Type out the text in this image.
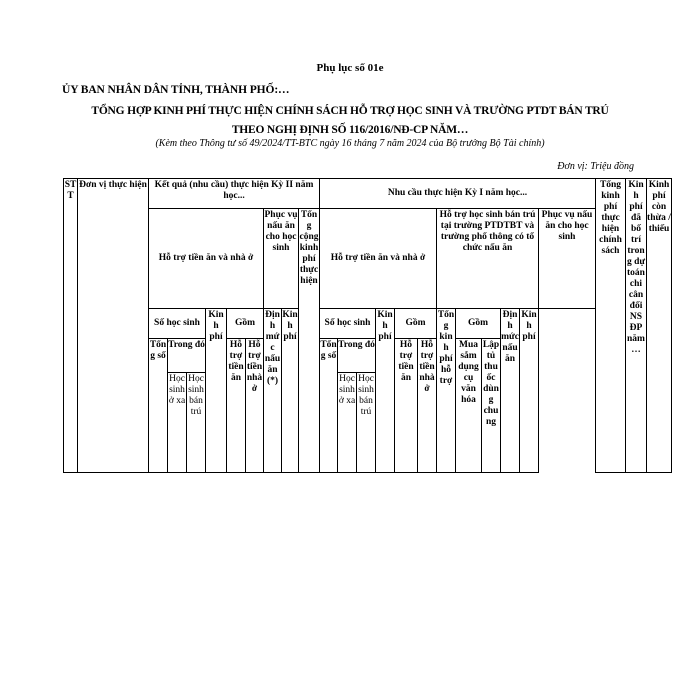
Phụ lục số 01e
ỦY BAN NHÂN DÂN TỈNH, THÀNH PHỐ:…
TỔNG HỢP KINH PHÍ THỰC HIỆN CHÍNH SÁCH HỖ TRỢ HỌC SINH VÀ TRƯỜNG PTDT BÁN TRÚ
THEO NGHỊ ĐỊNH SỐ 116/2016/NĐ-CP NĂM…
(Kèm theo Thông tư số 49/2024/TT-BTC ngày 16 tháng 7 năm 2024 của Bộ trưởng Bộ Tài chính)
Đơn vị: Triệu đồng
STT	Đơn vị thực hiện	Kết quả (nhu cầu) thực hiện Kỳ II năm học...									Nhu cầu thực hiện Kỳ I năm học...												Tổng kinh phí thực hiện chính sách	Kinh phí đã bố trí trong dự toán chi cân đối NS ĐP năm…	Kinh phí còn thừa / thiếu
		Hỗ trợ tiền ăn và nhà ở						Phục vụ nấu ăn cho học sinh		Tổng cộng kinh phí thực hiện	Hỗ trợ tiền ăn và nhà ở						Hỗ trợ học sinh bán trú tại trường PTDTBT và trường phổ thông có tổ chức nấu ăn					Phục vụ nấu ăn cho học sinh			
		Số học sinh			Kinh phí	Gồm		Định mức nấu ăn (*)	Kinh phí		Số học sinh			Kinh phí	Gồm		Tổng kinh phí hỗ trợ	Gồm		Định mức nấu ăn	Kinh phí				
		Tổng số	Trong đó			Hỗ trợ tiền ăn	Hỗ trợ tiền nhà ở				Tổng số	Trong đó			Hỗ trợ tiền ăn	Hỗ trợ tiền nhà ở		Mua sắm dụng cụ văn hóa	Lập tủ thuốc dùng chung						
			Học sinh ở xa	Học sinh bán trú								Học sinh ở xa	Học sinh bán trú												
